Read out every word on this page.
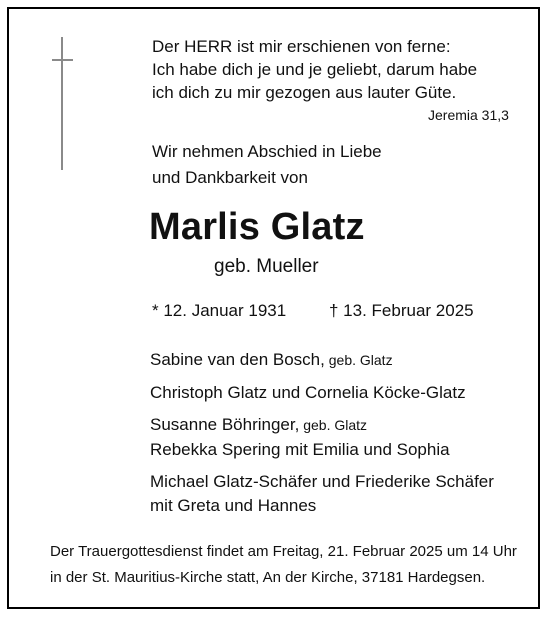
Der HERR ist mir erschienen von ferne:
Ich habe dich je und je geliebt, darum habe
ich dich zu mir gezogen aus lauter Güte.
Jeremia 31,3
Wir nehmen Abschied in Liebe
und Dankbarkeit von
Marlis Glatz
geb. Mueller
* 12. Januar 1931	† 13. Februar 2025
Sabine van den Bosch, geb. Glatz
Christoph Glatz und Cornelia Köcke-Glatz
Susanne Böhringer, geb. Glatz
Rebekka Spering mit Emilia und Sophia
Michael Glatz-Schäfer und Friederike Schäfer
mit Greta und Hannes
Der Trauergottesdienst findet am Freitag, 21. Februar 2025 um 14 Uhr
in der St. Mauritius-Kirche statt, An der Kirche, 37181 Hardegsen.
